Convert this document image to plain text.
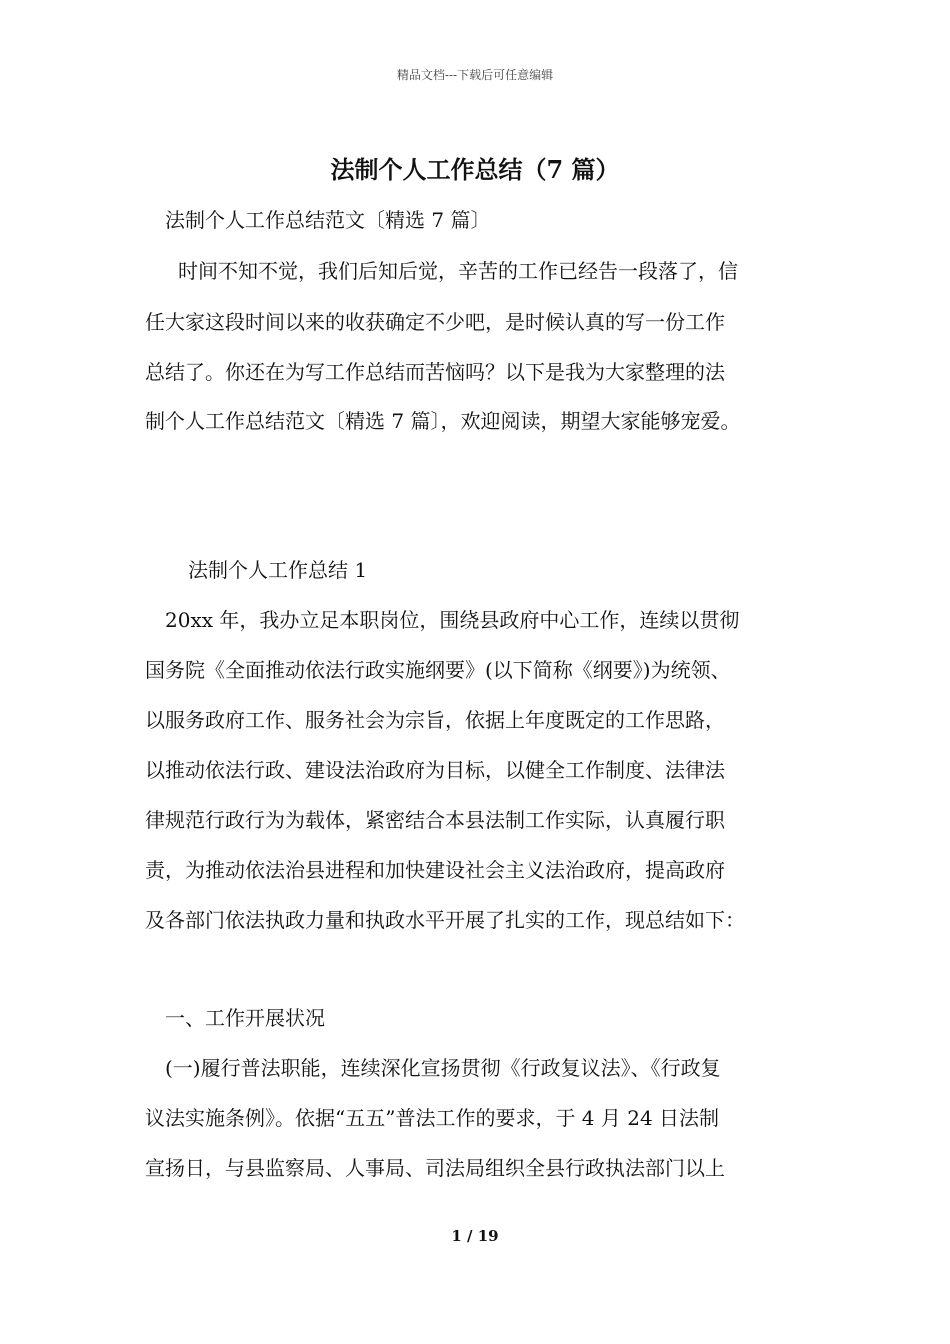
精品文档---下载后可任意编辑
法制个人工作总结（7 篇）
法制个人工作总结范文〔精选 7 篇〕
时间不知不觉，我们后知后觉，辛苦的工作已经告一段落了，信
任大家这段时间以来的收获确定不少吧，是时候认真的写一份工作
总结了。你还在为写工作总结而苦恼吗？以下是我为大家整理的法
制个人工作总结范文〔精选 7 篇〕，欢迎阅读，期望大家能够宠爱。
法制个人工作总结 1
20xx 年，我办立足本职岗位，围绕县政府中心工作，连续以贯彻
国务院《全面推动依法行政实施纲要》(以下简称《纲要》)为统领、
以服务政府工作、服务社会为宗旨，依据上年度既定的工作思路，
以推动依法行政、建设法治政府为目标，以健全工作制度、法律法
律规范行政行为为载体，紧密结合本县法制工作实际，认真履行职
责，为推动依法治县进程和加快建设社会主义法治政府，提高政府
及各部门依法执政力量和执政水平开展了扎实的工作，现总结如下：
一、工作开展状况
(一)履行普法职能，连续深化宣扬贯彻《行政复议法》、《行政复
议法实施条例》。依据“五五”普法工作的要求，于 4 月 24 日法制
宣扬日，与县监察局、人事局、司法局组织全县行政执法部门以上
1 / 19
